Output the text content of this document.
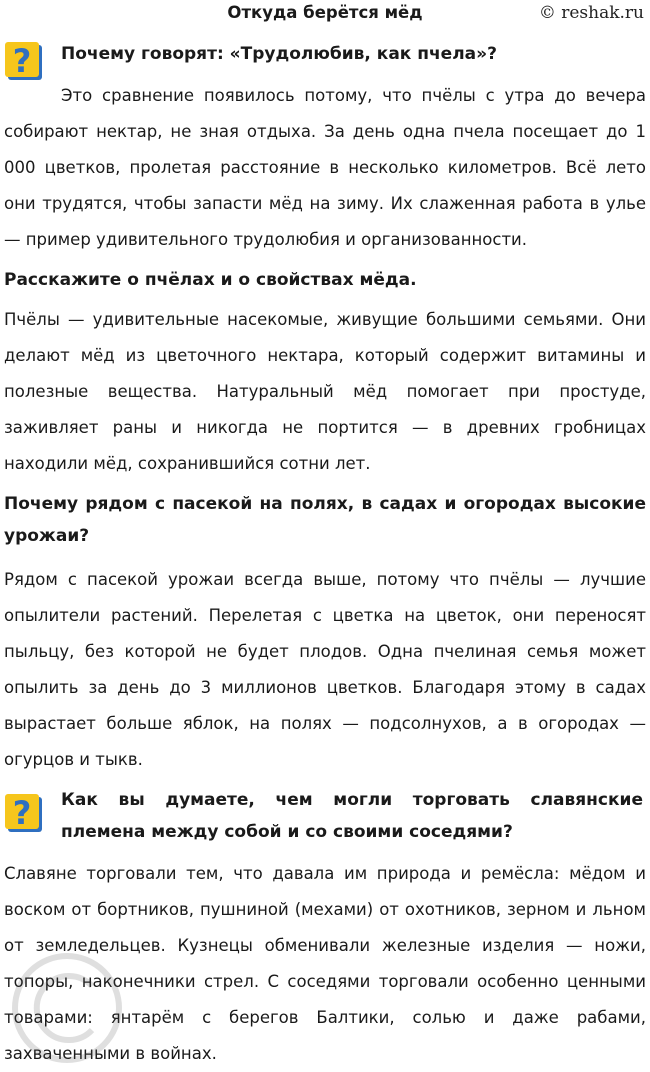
Откуда берётся мёд	© reshak.ru
? Почему говорят: «Трудолюбив, как пчела»?

Это сравнение появилось потому, что пчёлы с утра до вечера собирают нектар, не зная отдыха. За день одна пчела посещает до 1 000 цветков, пролетая расстояние в несколько километров. Всё лето они трудятся, чтобы запасти мёд на зиму. Их слаженная работа в улье — пример удивительного трудолюбия и организованности.

Расскажите о пчёлах и о свойствах мёда.

Пчёлы — удивительные насекомые, живущие большими семьями. Они делают мёд из цветочного нектара, который содержит витамины и полезные вещества. Натуральный мёд помогает при простуде, заживляет раны и никогда не портится — в древних гробницах находили мёд, сохранившийся сотни лет.

Почему рядом с пасекой на полях, в садах и огородах высокие урожаи?

Рядом с пасекой урожаи всегда выше, потому что пчёлы — лучшие опылители растений. Перелетая с цветка на цветок, они переносят пыльцу, без которой не будет плодов. Одна пчелиная семья может опылить за день до 3 миллионов цветков. Благодаря этому в садах вырастает больше яблок, на полях — подсолнухов, а в огородах — огурцов и тыкв.

? Как вы думаете, чем могли торговать славянские племена между собой и со своими соседями?

Славяне торговали тем, что давала им природа и ремёсла: мёдом и воском от бортников, пушниной (мехами) от охотников, зерном и льном от земледельцев. Кузнецы обменивали железные изделия — ножи, топоры, наконечники стрел. С соседями торговали особенно ценными товарами: янтарём с берегов Балтики, солью и даже рабами, захваченными в войнах.
